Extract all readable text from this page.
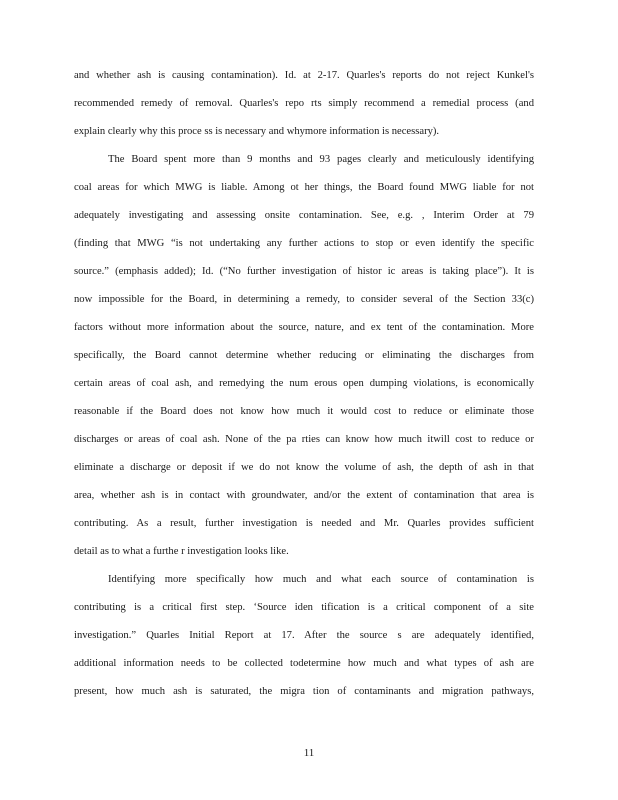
and whether ash is causing contamination). Id. at 2-17. Quarles's reports do not reject Kunkel's
recommended remedy of removal. Quarles's repo rts simply recommend a remedial process (and
explain clearly why this proce ss is necessary and whymore information is necessary).
The Board spent more than 9 months and 93 pages clearly and meticulously identifying
coal areas for which MWG is liable. Among ot her things, the Board found MWG liable for not
adequately investigating and assessing onsite contamination. See, e.g. , Interim Order at 79
(finding that MWG “is not undertaking any further actions to stop or even identify the specific
source.” (emphasis added); Id. (“No further investigation of histor ic areas is taking place”). It is
now impossible for the Board, in determining a remedy, to consider several of the Section 33(c)
factors without more information about the source, nature, and ex tent of the contamination. More
specifically, the Board cannot determine whether reducing or eliminating the discharges from
certain areas of coal ash, and remedying the num erous open dumping violations, is economically
reasonable if the Board does not know how much it would cost to reduce or eliminate those
discharges or areas of coal ash. None of the pa rties can know how much itwill cost to reduce or
eliminate a discharge or deposit if we do not know the volume of ash, the depth of ash in that
area, whether ash is in contact with groundwater, and/or the extent of contamination that area is
contributing. As a result, further investigation is needed and Mr. Quarles provides sufficient
detail as to what a furthe r investigation looks like.
Identifying more specifically how much and what each source of contamination is
contributing is a critical first step. ‘Source iden tification is a critical component of a site
investigation.” Quarles Initial Report at 17. After the source s are adequately identified,
additional information needs to be collected todetermine how much and what types of ash are
present, how much ash is saturated, the migra tion of contaminants and migration pathways,
11
